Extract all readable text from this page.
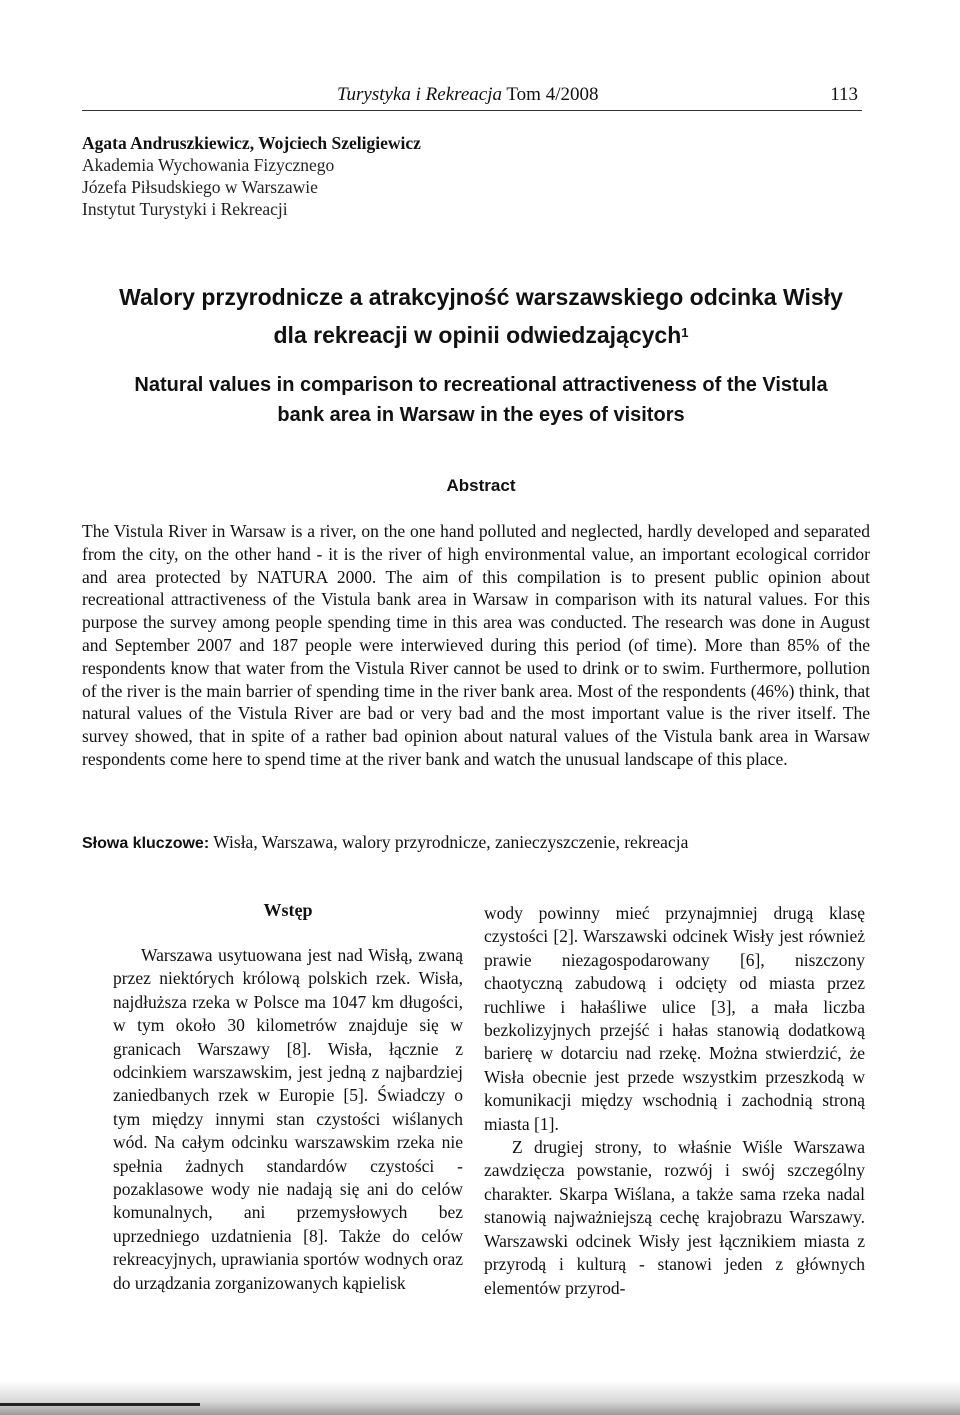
Turystyka i Rekreacja Tom 4/2008	113
Agata Andruszkiewicz, Wojciech Szeligiewicz
Akademia Wychowania Fizycznego
Józefa Piłsudskiego w Warszawie
Instytut Turystyki i Rekreacji
Walory przyrodnicze a atrakcyjność warszawskiego odcinka Wisły
dla rekreacji w opinii odwiedzających$^1$
Natural values in comparison to recreational attractiveness of the Vistula
bank area in Warsaw in the eyes of visitors
Abstract

The Vistula River in Warsaw is a river, on the one hand polluted and neglected, hardly developed and separated from the city, on the other hand - it is the river of high environmental value, an important ecological corridor and area protected by NATURA 2000. The aim of this compilation is to present public opinion about recreational attractiveness of the Vistula bank area in Warsaw in comparison with its natural values. For this purpose the survey among people spending time in this area was conducted. The research was done in August and September 2007 and 187 people were interwieved during this period (of time). More than 85% of the respondents know that water from the Vistula River cannot be used to drink or to swim. Furthermore, pollution of the river is the main barrier of spending time in the river bank area. Most of the respondents (46%) think, that natural values of the Vistula River are bad or very bad and the most important value is the river itself. The survey showed, that in spite of a rather bad opinion about natural values of the Vistula bank area in Warsaw respondents come here to spend time at the river bank and watch the unusual landscape of this place.

Słowa kluczowe: Wisła, Warszawa, walory przyrodnicze, zanieczyszczenie, rekreacja
Wstęp

Warszawa usytuowana jest nad Wisłą, zwaną przez niektórych królową polskich rzek. Wisła, najdłuższa rzeka w Polsce ma 1047 km długości, w tym około 30 kilometrów znajduje się w granicach Warszawy [8]. Wisła, łącznie z odcinkiem warszawskim, jest jedną z najbardziej zaniedbanych rzek w Europie [5]. Świadczy o tym między innymi stan czystości wiślanych wód. Na całym odcinku warszawskim rzeka nie spełnia żadnych standardów czystości - pozaklasowe wody nie nadają się ani do celów komunalnych, ani przemysłowych bez uprzedniego uzdatnienia [8]. Także do celów rekreacyjnych, uprawiania sportów wodnych oraz do urządzania zorganizowanych kąpielisk

wody powinny mieć przynajmniej drugą klasę czystości [2]. Warszawski odcinek Wisły jest również prawie niezagospodarowany [6], niszczony chaotyczną zabudową i odcięty od miasta przez ruchliwe i hałaśliwe ulice [3], a mała liczba bezkolizyjnych przejść i hałas stanowią dodatkową barierę w dotarciu nad rzekę. Można stwierdzić, że Wisła obecnie jest przede wszystkim przeszkodą w komunikacji między wschodnią i zachodnią stroną miasta [1].

Z drugiej strony, to właśnie Wiśle Warszawa zawdzięcza powstanie, rozwój i swój szczególny charakter. Skarpa Wiślana, a także sama rzeka nadal stanowią najważniejszą cechę krajobrazu Warszawy. Warszawski odcinek Wisły jest łącznikiem miasta z przyrodą i kulturą - stanowi jeden z głównych elementów przyrod-
